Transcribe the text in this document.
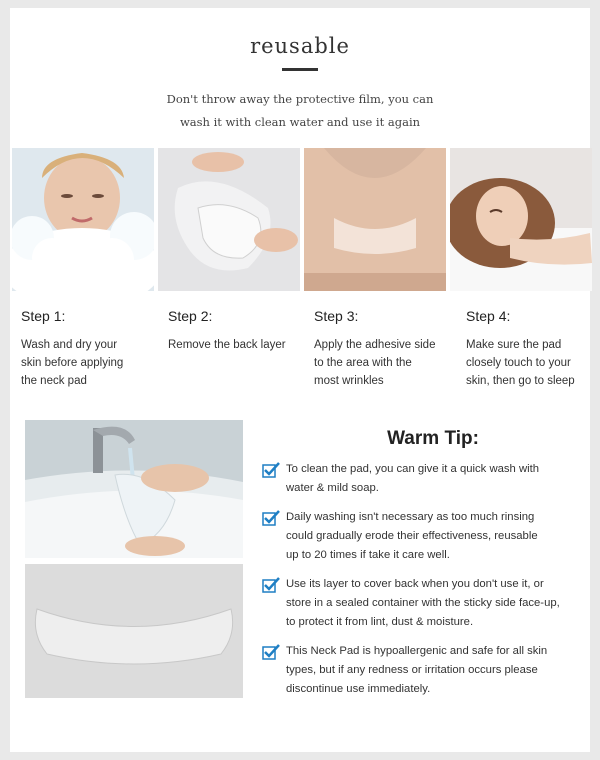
reusable
Don't throw away the protective film, you can
wash it with clean water and use it again
Step 1:
Wash and dry your
skin before applying
the neck pad
Step 2:
Remove the back layer
Step 3:
Apply the adhesive side
to the area with the
most wrinkles
Step 4:
Make sure the pad
closely touch to your
skin, then go to sleep
Warm Tip:
To clean the pad, you can give it a quick wash with
water & mild soap.
Daily washing isn't necessary as too much rinsing
could gradually erode their effectiveness, reusable
up to 20 times if take it care well.
Use its layer to cover back when you don't use it, or
store in a sealed container with the sticky side face-up,
to protect it from lint, dust & moisture.
This Neck Pad is hypoallergenic and safe for all skin
types, but if any redness or irritation occurs please
discontinue use immediately.
